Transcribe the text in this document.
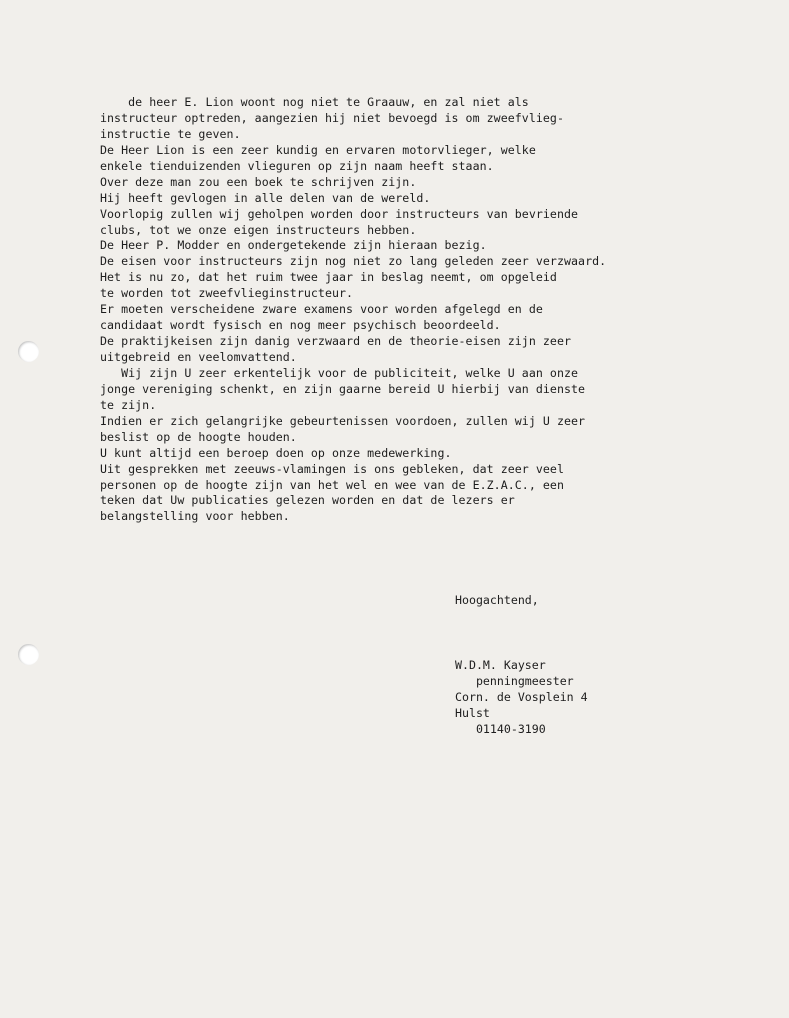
de heer E. Lion woont nog niet te Graauw, en zal niet als
instructeur optreden, aangezien hij niet bevoegd is om zweefvlieg-
instructie te geven.
De Heer Lion is een zeer kundig en ervaren motorvlieger, welke
enkele tienduizenden vlieguren op zijn naam heeft staan.
Over deze man zou een boek te schrijven zijn.
Hij heeft gevlogen in alle delen van de wereld.
Voorlopig zullen wij geholpen worden door instructeurs van bevriende
clubs, tot we onze eigen instructeurs hebben.
De Heer P. Modder en ondergetekende zijn hieraan bezig.
De eisen voor instructeurs zijn nog niet zo lang geleden zeer verzwaard.
Het is nu zo, dat het ruim twee jaar in beslag neemt, om opgeleid
te worden tot zweefvlieginstructeur.
Er moeten verscheidene zware examens voor worden afgelegd en de
candidaat wordt fysisch en nog meer psychisch beoordeeld.
De praktijkeisen zijn danig verzwaard en de theorie-eisen zijn zeer
uitgebreid en veelomvattend.
Wij zijn U zeer erkentelijk voor de publiciteit, welke U aan onze
jonge vereniging schenkt, en zijn gaarne bereid U hierbij van dienste
te zijn.
Indien er zich gelangrijke gebeurtenissen voordoen, zullen wij U zeer
beslist op de hoogte houden.
U kunt altijd een beroep doen op onze medewerking.
Uit gesprekken met zeeuws-vlamingen is ons gebleken, dat zeer veel
personen op de hoogte zijn van het wel en wee van de E.Z.A.C., een
teken dat Uw publicaties gelezen worden en dat de lezers er
belangstelling voor hebben.
Hoogachtend,
W.D.M. Kayser
penningmeester
Corn. de Vosplein 4
Hulst
01140-3190
